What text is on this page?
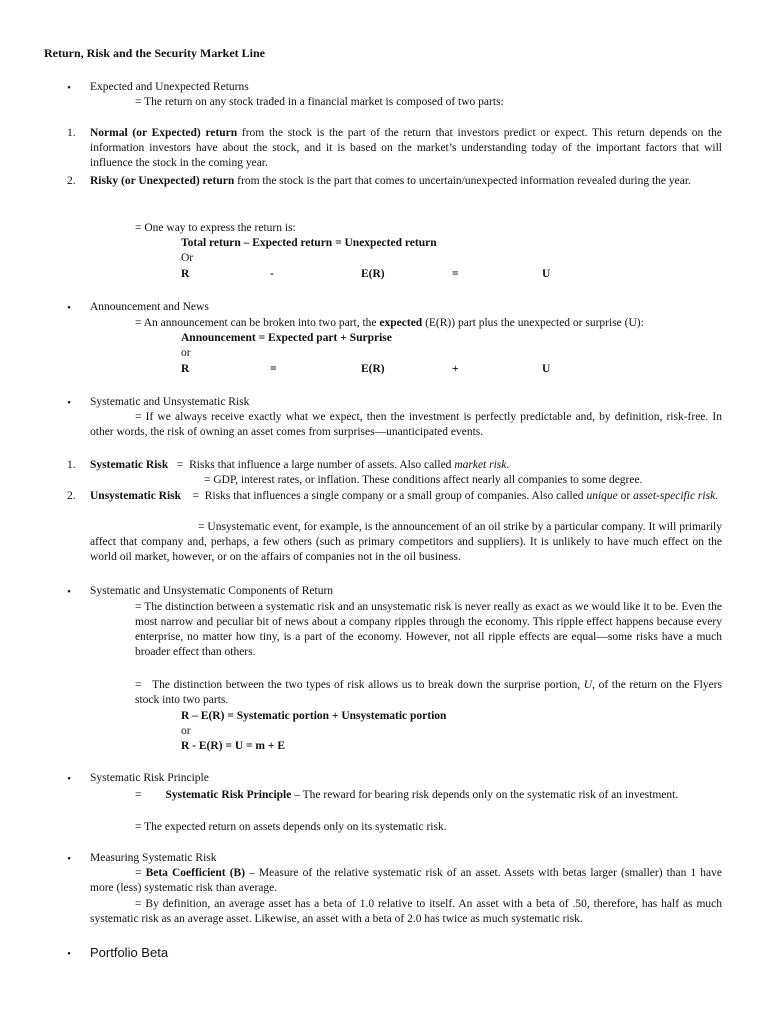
Return, Risk and the Security Market Line
• Expected and Unexpected Returns
= The return on any stock traded in a financial market is composed of two parts:
1. Normal (or Expected) return from the stock is the part of the return that investors predict or expect. This return depends on the information investors have about the stock, and it is based on the market’s understanding today of the important factors that will influence the stock in the coming year.
2. Risky (or Unexpected) return from the stock is the part that comes to uncertain/unexpected information revealed during the year.
= One way to express the return is:
Total return – Expected return = Unexpected return
Or
R	-	E(R)	=	U
• Announcement and News
= An announcement can be broken into two part, the expected (E(R)) part plus the unexpected or surprise (U):
Announcement = Expected part + Surprise
or
R	=	E(R)	+	U
• Systematic and Unsystematic Risk
= If we always receive exactly what we expect, then the investment is perfectly predictable and, by definition, risk-free. In other words, the risk of owning an asset comes from surprises—unanticipated events.
1. Systematic Risk   =  Risks that influence a large number of assets. Also called market risk.
= GDP, interest rates, or inflation. These conditions affect nearly all companies to some degree.
2. Unsystematic Risk    =  Risks that influences a single company or a small group of companies. Also called unique or asset-specific risk.
= Unsystematic event, for example, is the announcement of an oil strike by a particular company. It will primarily affect that company and, perhaps, a few others (such as primary competitors and suppliers). It is unlikely to have much effect on the world oil market, however, or on the affairs of companies not in the oil business.
• Systematic and Unsystematic Components of Return
= The distinction between a systematic risk and an unsystematic risk is never really as exact as we would like it to be. Even the most narrow and peculiar bit of news about a company ripples through the economy. This ripple effect happens because every enterprise, no matter how tiny, is a part of the economy. However, not all ripple effects are equal—some risks have a much broader effect than others.
=   The distinction between the two types of risk allows us to break down the surprise portion, U, of the return on the Flyers stock into two parts.
R – E(R) = Systematic portion + Unsystematic portion
or
R - E(R) = U = m + E
• Systematic Risk Principle
= Systematic Risk Principle – The reward for bearing risk depends only on the systematic risk of an investment.
= The expected return on assets depends only on its systematic risk.
• Measuring Systematic Risk
= Beta Coefficient (B) – Measure of the relative systematic risk of an asset. Assets with betas larger (smaller) than 1 have more (less) systematic risk than average.
= By definition, an average asset has a beta of 1.0 relative to itself. An asset with a beta of .50, therefore, has half as much systematic risk as an average asset. Likewise, an asset with a beta of 2.0 has twice as much systematic risk.
• Portfolio Beta
